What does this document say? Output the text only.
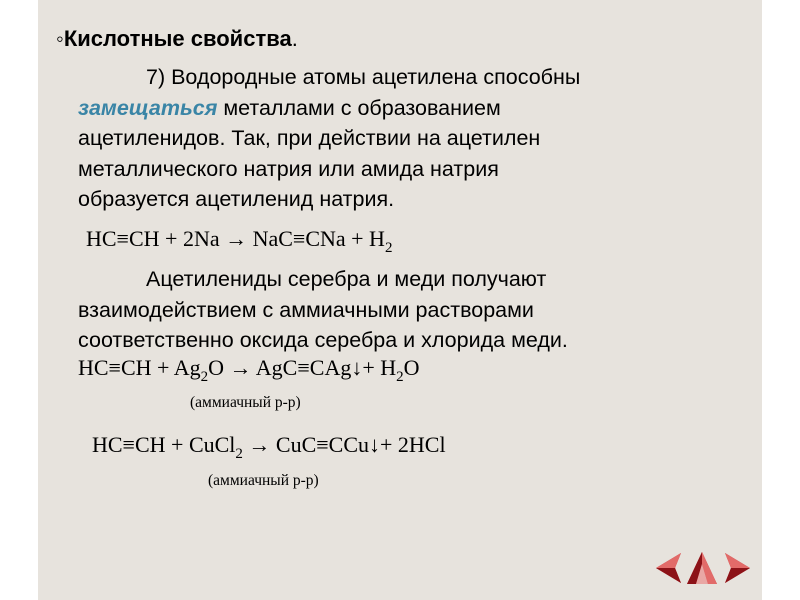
◦Кислотные свойства.
7) Водородные атомы ацетилена способны
замещаться металлами с образованием
ацетиленидов. Так, при действии на ацетилен
металлического натрия или амида натрия
образуется ацетиленид натрия.
$HC\equiv CH + 2Na \to NaC\equiv CNa + H_2$
Ацетилениды серебра и меди получают
взаимодействием с аммиачными растворами
соответственно оксида серебра и хлорида меди.
$HC\equiv CH + Ag_2O$ → AgC≡CAg↓+ $H_2O$
(аммиачный р-р)
HC≡CH + CuCl$_2$ → CuC≡CCu↓+ 2HCl
(аммиачный р-р)
